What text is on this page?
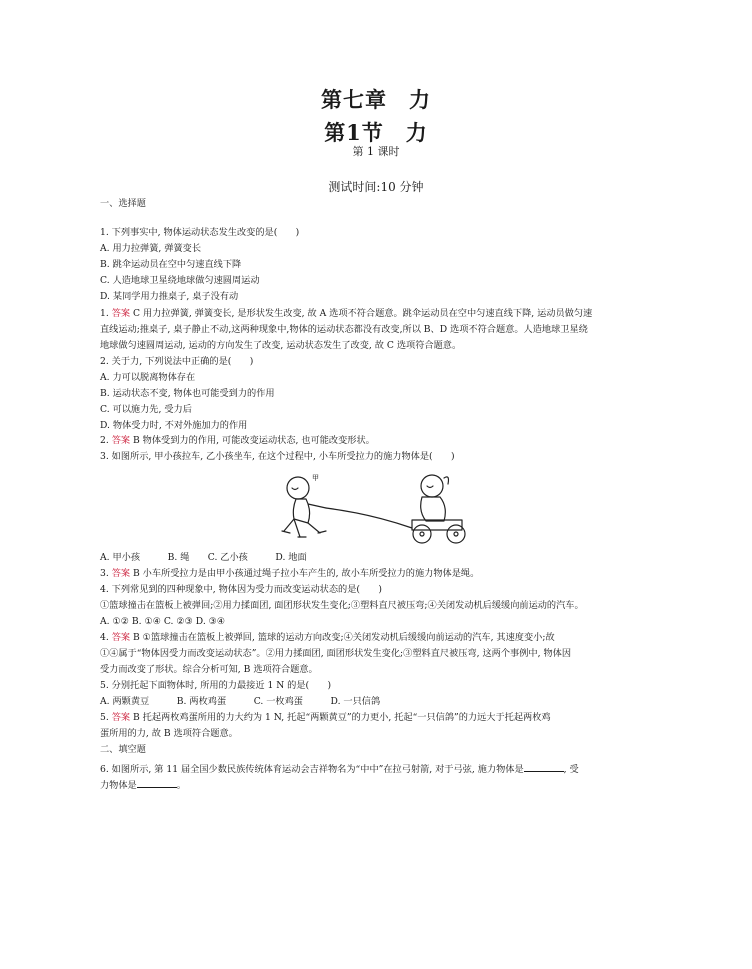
第七章　力
第1节　力
第 1 课时
测试时间:10 分钟
一、选择题
1. 下列事实中, 物体运动状态发生改变的是(　　)
A. 用力拉弹簧, 弹簧变长
B. 跳伞运动员在空中匀速直线下降
C. 人造地球卫星绕地球做匀速圆周运动
D. 某同学用力推桌子, 桌子没有动
1. 答案 C 用力拉弹簧, 弹簧变长, 是形状发生改变, 故 A 选项不符合题意。跳伞运动员在空中匀速直线下降, 运动员做匀速
直线运动;推桌子, 桌子静止不动,这两种现象中,物体的运动状态都没有改变,所以 B、D 选项不符合题意。人造地球卫星绕
地球做匀速圆周运动, 运动的方向发生了改变, 运动状态发生了改变, 故 C 选项符合题意。
2. 关于力, 下列说法中正确的是(　　)
A. 力可以脱离物体存在
B. 运动状态不变, 物体也可能受到力的作用
C. 可以施力先, 受力后
D. 物体受力时, 不对外施加力的作用
2. 答案 B 物体受到力的作用, 可能改变运动状态, 也可能改变形状。
3. 如图所示, 甲小孩拉车, 乙小孩坐车, 在这个过程中, 小车所受拉力的施力物体是(　　)
甲
A. 甲小孩　　　B. 绳　　C. 乙小孩　　　D. 地面
3. 答案 B 小车所受拉力是由甲小孩通过绳子拉小车产生的, 故小车所受拉力的施力物体是绳。
4. 下列常见到的四种现象中, 物体因为受力而改变运动状态的是(　　)
①篮球撞击在篮板上被弹回;②用力揉面团, 面团形状发生变化;③塑料直尺被压弯;④关闭发动机后缓缓向前运动的汽车。
A. ①② B. ①④ C. ②③ D. ③④
4. 答案 B ①篮球撞击在篮板上被弹回, 篮球的运动方向改变;④关闭发动机后缓缓向前运动的汽车, 其速度变小;故
①④属于“物体因受力而改变运动状态”。②用力揉面团, 面团形状发生变化;③塑料直尺被压弯, 这两个事例中, 物体因
受力而改变了形状。综合分析可知, B 选项符合题意。
5. 分别托起下面物体时, 所用的力最接近 1 N 的是(　　)
A. 两颗黄豆　　　B. 两枚鸡蛋　　　C. 一枚鸡蛋　　　D. 一只信鸽
5. 答案 B 托起两枚鸡蛋所用的力大约为 1 N, 托起“两颗黄豆”的力更小, 托起“一只信鸽”的力远大于托起两枚鸡
蛋所用的力, 故 B 选项符合题意。
二、填空题
6. 如图所示, 第 11 届全国少数民族传统体育运动会吉祥物名为“中中”在拉弓射箭, 对于弓弦, 施力物体是	, 受
力物体是	。
